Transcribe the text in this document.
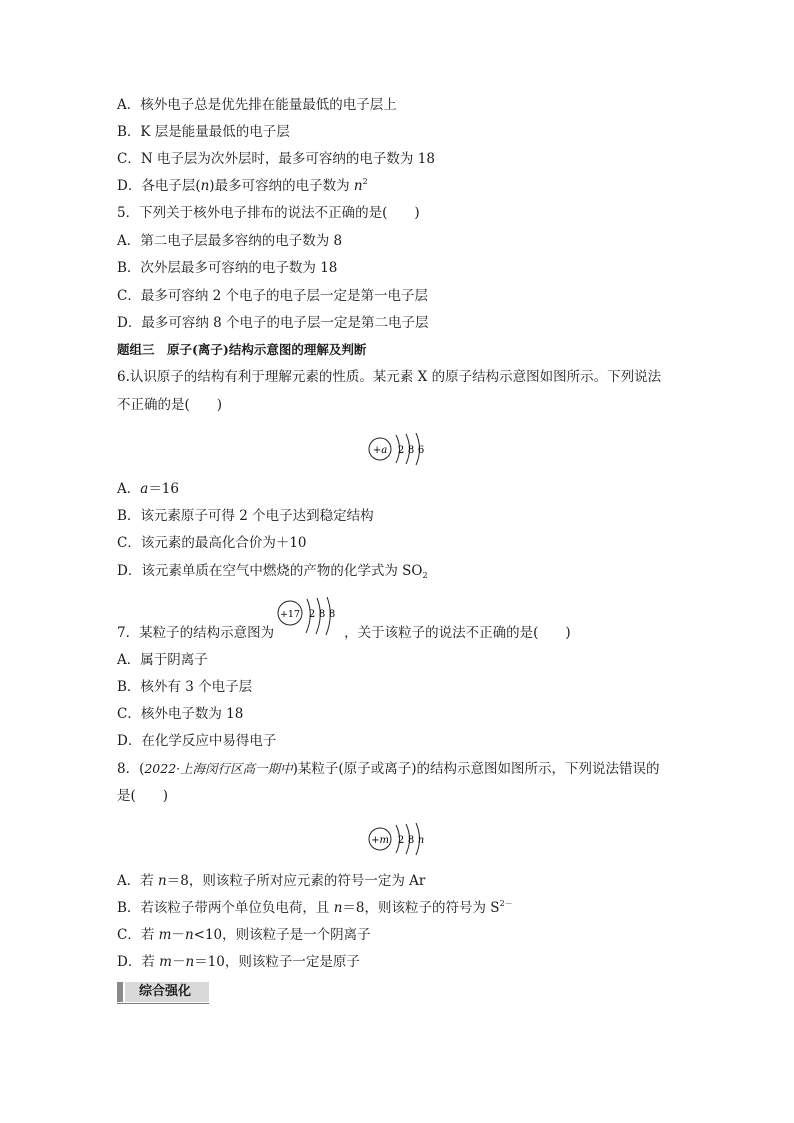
A．核外电子总是优先排在能量最低的电子层上
B．K 层是能量最低的电子层
C．N 电子层为次外层时，最多可容纳的电子数为 18
D．各电子层(n)最多可容纳的电子数为 $n^2$
5．下列关于核外电子排布的说法不正确的是(　　)
A．第二电子层最多容纳的电子数为 8
B．次外层最多可容纳的电子数为 18
C．最多可容纳 2 个电子的电子层一定是第一电子层
D．最多可容纳 8 个电子的电子层一定是第二电子层
题组三　原子(离子)结构示意图的理解及判断
6.认识原子的结构有利于理解元素的性质。某元素 X 的原子结构示意图如图所示。下列说法
不正确的是(　　)
+a 2 8 6
A．a＝16
B．该元素原子可得 2 个电子达到稳定结构
C．该元素的最高化合价为＋10
D．该元素单质在空气中燃烧的产物的化学式为 $SO_2$
+17 2 8 8
7．某粒子的结构示意图为	，关于该粒子的说法不正确的是(　　)
A．属于阴离子
B．核外有 3 个电子层
C．核外电子数为 18
D．在化学反应中易得电子
8．(2022·上海闵行区高一期中)某粒子(原子或离子)的结构示意图如图所示，下列说法错误的
是(　　)
+m 2 8 n
A．若 n＝8，则该粒子所对应元素的符号一定为 Ar
B．若该粒子带两个单位负电荷，且 n＝8，则该粒子的符号为 $S^{2-}$
C．若 m－n<10，则该粒子是一个阴离子
D．若 m－n＝10，则该粒子一定是原子
综合强化
